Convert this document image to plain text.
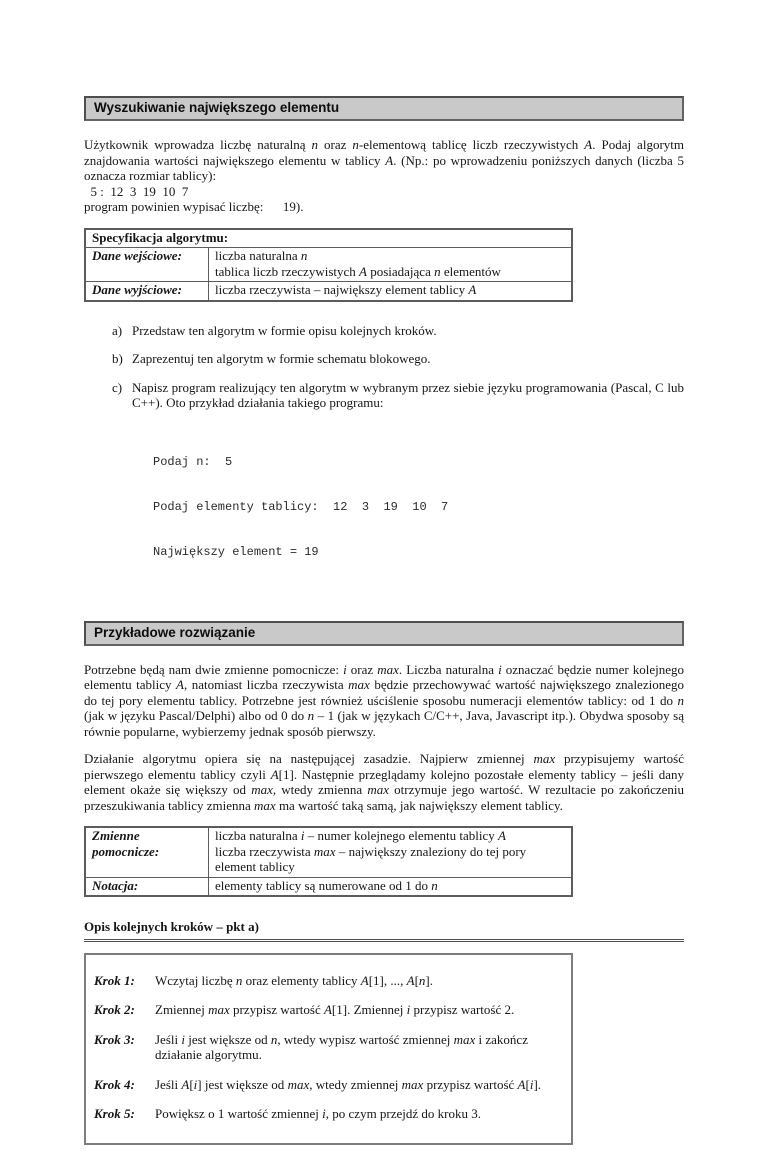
Wyszukiwanie największego elementu

Użytkownik wprowadza liczbę naturalną n oraz n-elementową tablicę liczb rzeczywistych A. Podaj algorytm znajdowania wartości największego elementu w tablicy A. (Np.: po wprowadzeniu poniższych danych (liczba 5 oznacza rozmiar tablicy):

5 :  12  3  19  10  7
program powinien wypisać liczbę:      19).
Specyfikacja algorytmu:	
Dane wejściowe:	liczba naturalna n
tablica liczb rzeczywistych A posiadająca n elementów
Dane wyjściowe:	liczba rzeczywista – największy element tablicy A
a) Przedstaw ten algorytm w formie opisu kolejnych kroków.
b) Zaprezentuj ten algorytm w formie schematu blokowego.
c) Napisz program realizujący ten algorytm w wybranym przez siebie języku programowania (Pascal, C lub C++). Oto przykład działania takiego programu:

Podaj n:  5

Podaj elementy tablicy:  12  3  19  10  7

Największy element = 19

Przykładowe rozwiązanie

Potrzebne będą nam dwie zmienne pomocnicze: i oraz max. Liczba naturalna i oznaczać będzie numer kolejnego elementu tablicy A, natomiast liczba rzeczywista max będzie przechowywać wartość największego znalezionego do tej pory elementu tablicy. Potrzebne jest również uściślenie sposobu numeracji elementów tablicy: od 1 do n (jak w języku Pascal/Delphi) albo od 0 do n – 1 (jak w językach C/C++, Java, Javascript itp.). Obydwa sposoby są równie popularne, wybierzemy jednak sposób pierwszy.

Działanie algorytmu opiera się na następującej zasadzie. Najpierw zmiennej max przypisujemy wartość pierwszego elementu tablicy czyli A[1]. Następnie przeglądamy kolejno pozostałe elementy tablicy – jeśli dany element okaże się większy od max, wtedy zmienna max otrzymuje jego wartość. W rezultacie po zakończeniu przeszukiwania tablicy zmienna max ma wartość taką samą, jak największy element tablicy.

Zmienne pomocnicze:	liczba naturalna i – numer kolejnego elementu tablicy A
liczba rzeczywista max – największy znaleziony do tej pory element tablicy
Notacja:	elementy tablicy są numerowane od 1 do n
Opis kolejnych kroków – pkt a)
Krok 1:	Wczytaj liczbę n oraz elementy tablicy A[1], ..., A[n].
Krok 2:	Zmiennej max przypisz wartość A[1]. Zmiennej i przypisz wartość 2.
Krok 3:	Jeśli i jest większe od n, wtedy wypisz wartość zmiennej max i zakończ działanie algorytmu.
Krok 4:	Jeśli A[i] jest większe od max, wtedy zmiennej max przypisz wartość A[i].
Krok 5:	Powiększ o 1 wartość zmiennej i, po czym przejdź do kroku 3.
